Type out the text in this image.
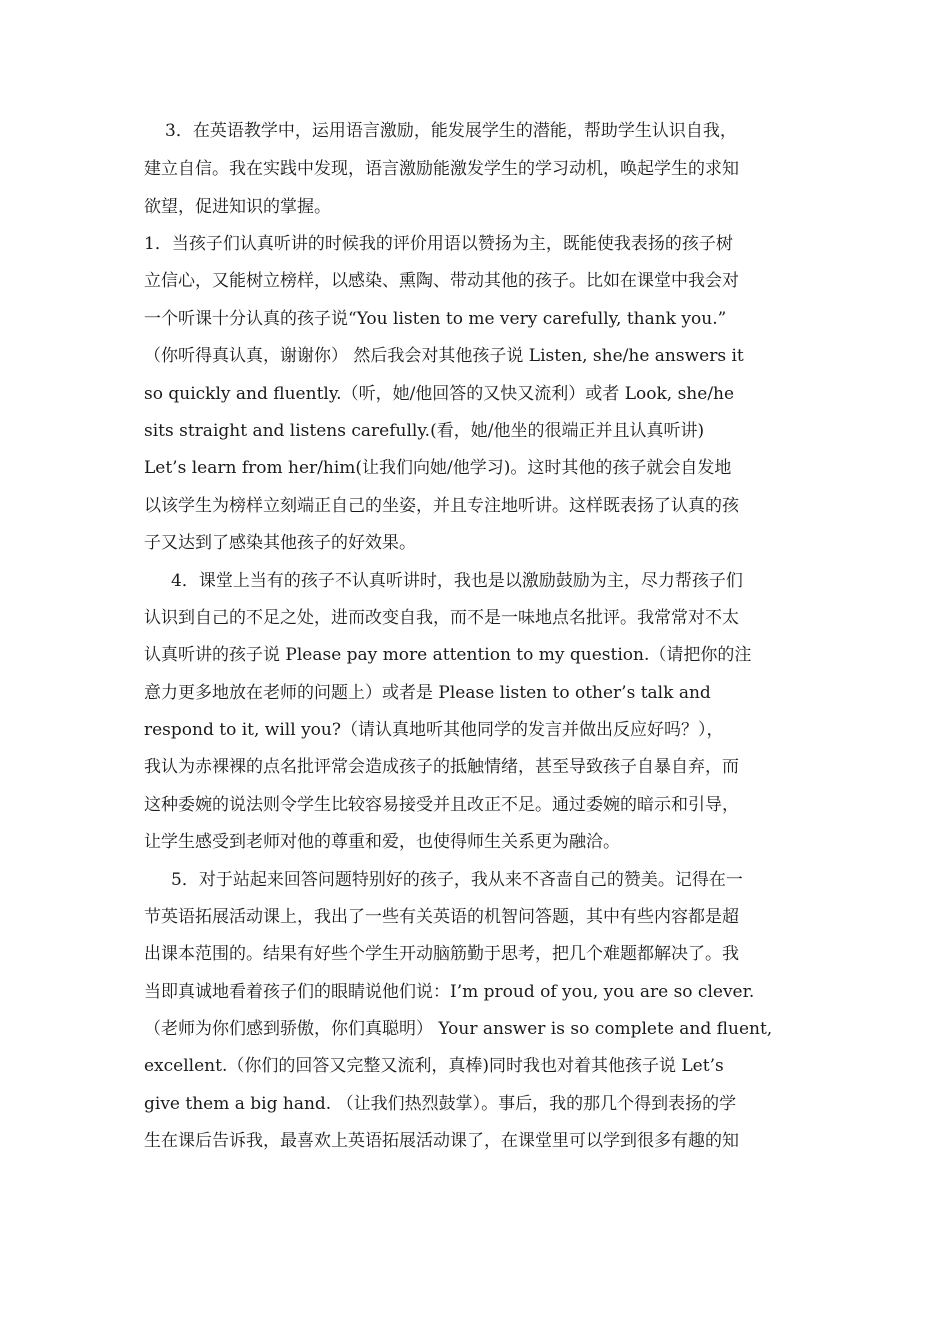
3．在英语教学中，运用语言激励，能发展学生的潜能，帮助学生认识自我，

建立自信。我在实践中发现，语言激励能激发学生的学习动机，唤起学生的求知

欲望，促进知识的掌握。

1．当孩子们认真听讲的时候我的评价用语以赞扬为主，既能使我表扬的孩子树

立信心，又能树立榜样，以感染、熏陶、带动其他的孩子。比如在课堂中我会对

一个听课十分认真的孩子说“You listen to me very carefully, thank you.”

（你听得真认真，谢谢你） 然后我会对其他孩子说 Listen, she/he answers it

so quickly and fluently.（听，她/他回答的又快又流利）或者 Look, she/he

sits straight and listens carefully.(看，她/他坐的很端正并且认真听讲)

Let’s learn from her/him(让我们向她/他学习)。这时其他的孩子就会自发地

以该学生为榜样立刻端正自己的坐姿，并且专注地听讲。这样既表扬了认真的孩

子又达到了感染其他孩子的好效果。

4．课堂上当有的孩子不认真听讲时，我也是以激励鼓励为主，尽力帮孩子们

认识到自己的不足之处，进而改变自我，而不是一味地点名批评。我常常对不太

认真听讲的孩子说 Please pay more attention to my question.（请把你的注

意力更多地放在老师的问题上）或者是 Please listen to other’s talk and

respond to it, will you?（请认真地听其他同学的发言并做出反应好吗？），

我认为赤裸裸的点名批评常会造成孩子的抵触情绪，甚至导致孩子自暴自弃，而

这种委婉的说法则令学生比较容易接受并且改正不足。通过委婉的暗示和引导，

让学生感受到老师对他的尊重和爱，也使得师生关系更为融洽。

5．对于站起来回答问题特别好的孩子，我从来不吝啬自己的赞美。记得在一

节英语拓展活动课上，我出了一些有关英语的机智问答题，其中有些内容都是超

出课本范围的。结果有好些个学生开动脑筋勤于思考，把几个难题都解决了。我

当即真诚地看着孩子们的眼睛说他们说：I’m proud of you, you are so clever.

（老师为你们感到骄傲，你们真聪明） Your answer is so complete and fluent,

excellent.（你们的回答又完整又流利，真棒)同时我也对着其他孩子说 Let’s

give them a big hand. （让我们热烈鼓掌）。事后，我的那几个得到表扬的学

生在课后告诉我，最喜欢上英语拓展活动课了，在课堂里可以学到很多有趣的知
